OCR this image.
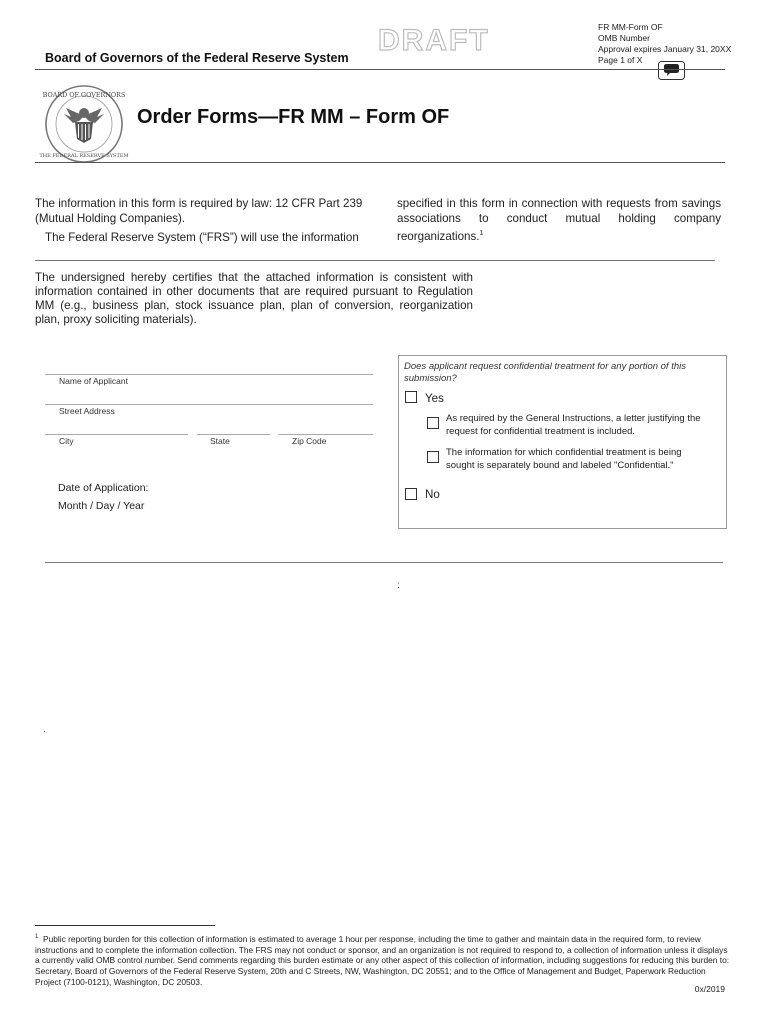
Board of Governors of the Federal Reserve System
DRAFT	FR MM-Form OF
OMB Number
Approval expires January 31, 20XX
Page 1 of X
BOARD OF GOVERNORS
THE FEDERAL RESERVE SYSTEM
Order Forms—FR MM – Form OF
The information in this form is required by law: 12 CFR Part 239 (Mutual Holding Companies).
The Federal Reserve System (“FRS”) will use the information
specified in this form in connection with requests from savings associations to conduct mutual holding company reorganizations.$^1$
The undersigned hereby certifies that the attached information is consistent with information contained in other documents that are required pursuant to Regulation MM (e.g., business plan, stock issuance plan, plan of conversion, reorganization plan, proxy soliciting materials).
Name of Applicant
Street Address
City	State	Zip Code
Date of Application:
Month / Day / Year
Does applicant request confidential treatment for any portion of this submission?
Yes
As required by the General Instructions, a letter justifying the request for confidential treatment is included.
The information for which confidential treatment is being sought is separately bound and labeled "Confidential."
No
:
.
$^1$ Public reporting burden for this collection of information is estimated to average 1 hour per response, including the time to gather and maintain data in the required form, to review instructions and to complete the information collection. The FRS may not conduct or sponsor, and an organization is not required to respond to, a collection of information unless it displays a currently valid OMB control number. Send comments regarding this burden estimate or any other aspect of this collection of information, including suggestions for reducing this burden to: Secretary, Board of Governors of the Federal Reserve System, 20th and C Streets, NW, Washington, DC 20551; and to the Office of Management and Budget, Paperwork Reduction Project (7100-0121), Washington, DC 20503.
0x/2019
